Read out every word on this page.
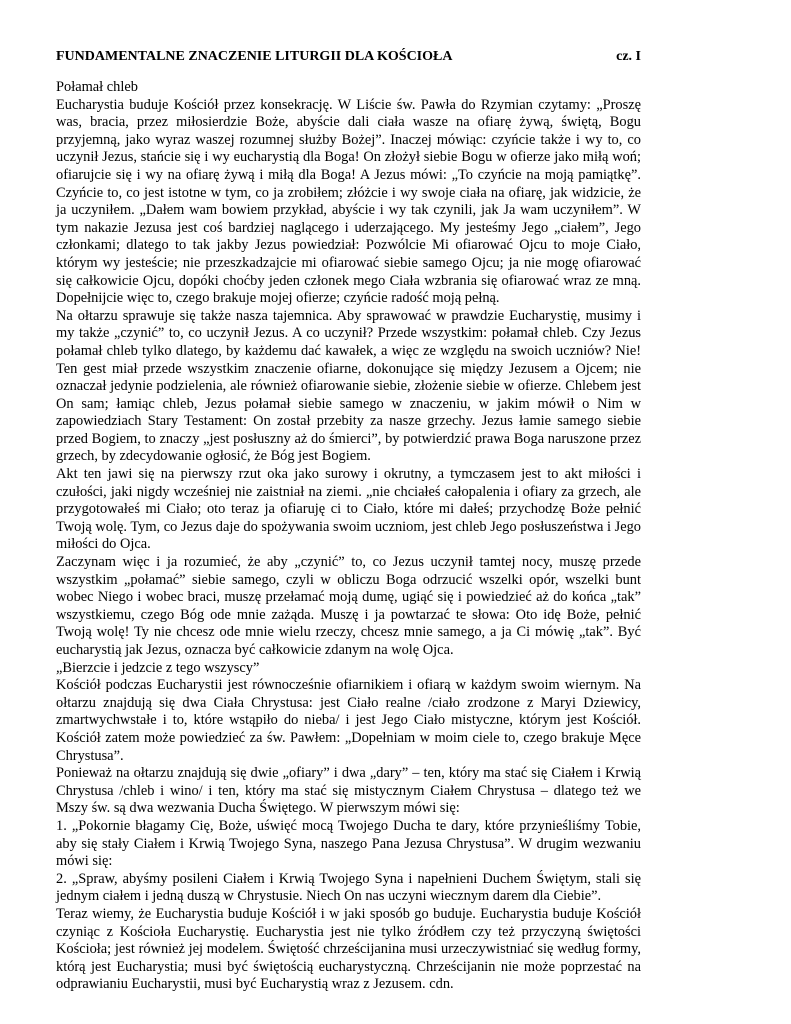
FUNDAMENTALNE ZNACZENIE LITURGII DLA KOŚCIOŁA	cz. I

Połamał chleb

Eucharystia buduje Kościół przez konsekrację. W Liście św. Pawła do Rzymian czytamy: „Proszę was, bracia, przez miłosierdzie Boże, abyście dali ciała wasze na ofiarę żywą, świętą, Bogu przyjemną, jako wyraz waszej rozumnej służby Bożej”. Inaczej mówiąc: czyńcie także i wy to, co uczynił Jezus, stańcie się i wy eucharystią dla Boga! On złożył siebie Bogu w ofierze jako miłą woń; ofiarujcie się i wy na ofiarę żywą i miłą dla Boga! A Jezus mówi: „To czyńcie na moją pamiątkę”. Czyńcie to, co jest istotne w tym, co ja zrobiłem; złóżcie i wy swoje ciała na ofiarę, jak widzicie, że ja uczyniłem. „Dałem wam bowiem przykład, abyście i wy tak czynili, jak Ja wam uczyniłem”. W tym nakazie Jezusa jest coś bardziej naglącego i uderzającego. My jesteśmy Jego „ciałem”, Jego członkami; dlatego to tak jakby Jezus powiedział: Pozwólcie Mi ofiarować Ojcu to moje Ciało, którym wy jesteście; nie przeszkadzajcie mi ofiarować siebie samego Ojcu; ja nie mogę ofiarować się całkowicie Ojcu, dopóki choćby jeden członek mego Ciała wzbrania się ofiarować wraz ze mną. Dopełnijcie więc to, czego brakuje mojej ofierze; czyńcie radość moją pełną.

Na ołtarzu sprawuje się także nasza tajemnica. Aby sprawować w prawdzie Eucharystię, musimy i my także „czynić” to, co uczynił Jezus. A co uczynił? Przede wszystkim: połamał chleb. Czy Jezus połamał chleb tylko dlatego, by każdemu dać kawałek, a więc ze względu na swoich uczniów? Nie! Ten gest miał przede wszystkim znaczenie ofiarne, dokonujące się między Jezusem a Ojcem; nie oznaczał jedynie podzielenia, ale również ofiarowanie siebie, złożenie siebie w ofierze. Chlebem jest On sam; łamiąc chleb, Jezus połamał siebie samego w znaczeniu, w jakim mówił o Nim w zapowiedziach Stary Testament: On został przebity za nasze grzechy. Jezus łamie samego siebie przed Bogiem, to znaczy „jest posłuszny aż do śmierci”, by potwierdzić prawa Boga naruszone przez grzech, by zdecydowanie ogłosić, że Bóg jest Bogiem.

Akt ten jawi się na pierwszy rzut oka jako surowy i okrutny, a tymczasem jest to akt miłości i czułości, jaki nigdy wcześniej nie zaistniał na ziemi. „nie chciałeś całopalenia i ofiary za grzech, ale przygotowałeś mi Ciało; oto teraz ja ofiaruję ci to Ciało, które mi dałeś; przychodzę Boże pełnić Twoją wolę. Tym, co Jezus daje do spożywania swoim uczniom, jest chleb Jego posłuszeństwa i Jego miłości do Ojca.

Zaczynam więc i ja rozumieć, że aby „czynić” to, co Jezus uczynił tamtej nocy, muszę przede wszystkim „połamać” siebie samego, czyli w obliczu Boga odrzucić wszelki opór, wszelki bunt wobec Niego i wobec braci, muszę przełamać moją dumę, ugiąć się i powiedzieć aż do końca „tak” wszystkiemu, czego Bóg ode mnie zażąda. Muszę i ja powtarzać te słowa: Oto idę Boże, pełnić Twoją wolę! Ty nie chcesz ode mnie wielu rzeczy, chcesz mnie samego, a ja Ci mówię „tak”. Być eucharystią jak Jezus, oznacza być całkowicie zdanym na wolę Ojca.

„Bierzcie i jedzcie z tego wszyscy”

Kościół podczas Eucharystii jest równocześnie ofiarnikiem i ofiarą w każdym swoim wiernym. Na ołtarzu znajdują się dwa Ciała Chrystusa: jest Ciało realne /ciało zrodzone z Maryi Dziewicy, zmartwychwstałe i to, które wstąpiło do nieba/ i jest Jego Ciało mistyczne, którym jest Kościół. Kościół zatem może powiedzieć za św. Pawłem: „Dopełniam w moim ciele to, czego brakuje Męce Chrystusa”.

Ponieważ na ołtarzu znajdują się dwie „ofiary” i dwa „dary” – ten, który ma stać się Ciałem i Krwią Chrystusa /chleb i wino/ i ten, który ma stać się mistycznym Ciałem Chrystusa – dlatego też we Mszy św. są dwa wezwania Ducha Świętego. W pierwszym mówi się:

1. „Pokornie błagamy Cię, Boże, uświęć mocą Twojego Ducha te dary, które przynieśliśmy Tobie, aby się stały Ciałem i Krwią Twojego Syna, naszego Pana Jezusa Chrystusa”. W drugim wezwaniu mówi się:

2. „Spraw, abyśmy posileni Ciałem i Krwią Twojego Syna i napełnieni Duchem Świętym, stali się jednym ciałem i jedną duszą w Chrystusie. Niech On nas uczyni wiecznym darem dla Ciebie”.

Teraz wiemy, że Eucharystia buduje Kościół i w jaki sposób go buduje. Eucharystia buduje Kościół czyniąc z Kościoła Eucharystię. Eucharystia jest nie tylko źródłem czy też przyczyną świętości Kościoła; jest również jej modelem. Świętość chrześcijanina musi urzeczywistniać się według formy, którą jest Eucharystia; musi być świętością eucharystyczną. Chrześcijanin nie może poprzestać na odprawianiu Eucharystii, musi być Eucharystią wraz z Jezusem. cdn.
